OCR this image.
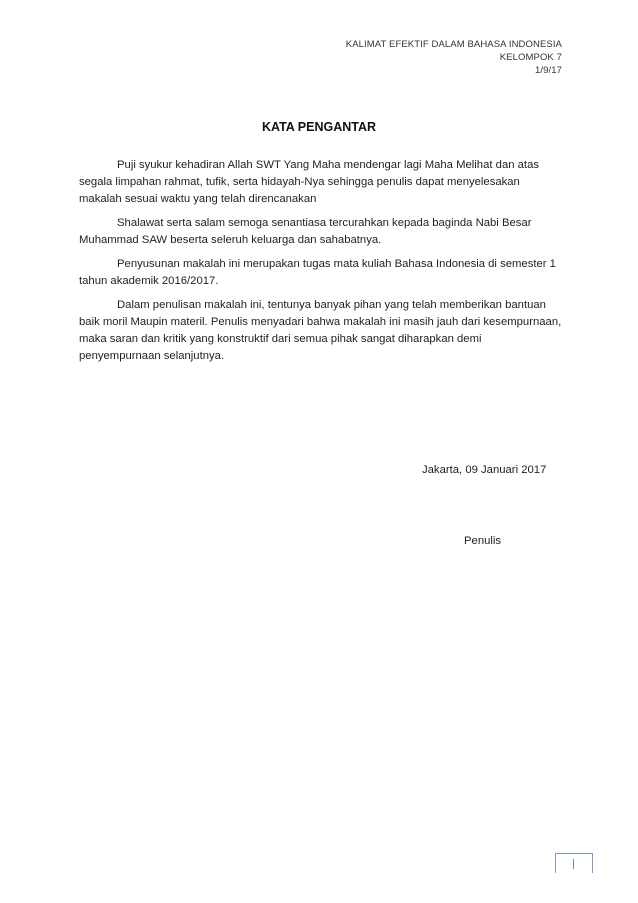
KALIMAT EFEKTIF DALAM BAHASA INDONESIA
KELOMPOK 7
1/9/17
KATA PENGANTAR

Puji syukur kehadiran Allah SWT Yang Maha mendengar lagi Maha Melihat dan atas segala limpahan rahmat, tufik, serta hidayah-Nya sehingga penulis dapat menyelesakan makalah sesuai waktu yang telah direncanakan

Shalawat serta salam semoga senantiasa tercurahkan kepada baginda Nabi Besar Muhammad SAW beserta seleruh keluarga dan sahabatnya.

Penyusunan makalah ini merupakan tugas mata kuliah Bahasa Indonesia di semester 1 tahun akademik 2016/2017.

Dalam penulisan makalah ini, tentunya banyak pihan yang telah memberikan bantuan baik moril Maupin materil. Penulis menyadari bahwa makalah ini masih jauh dari kesempurnaan, maka saran dan kritik yang konstruktif dari semua pihak sangat diharapkan demi penyempurnaan selanjutnya.

Jakarta, 09 Januari 2017
Penulis
